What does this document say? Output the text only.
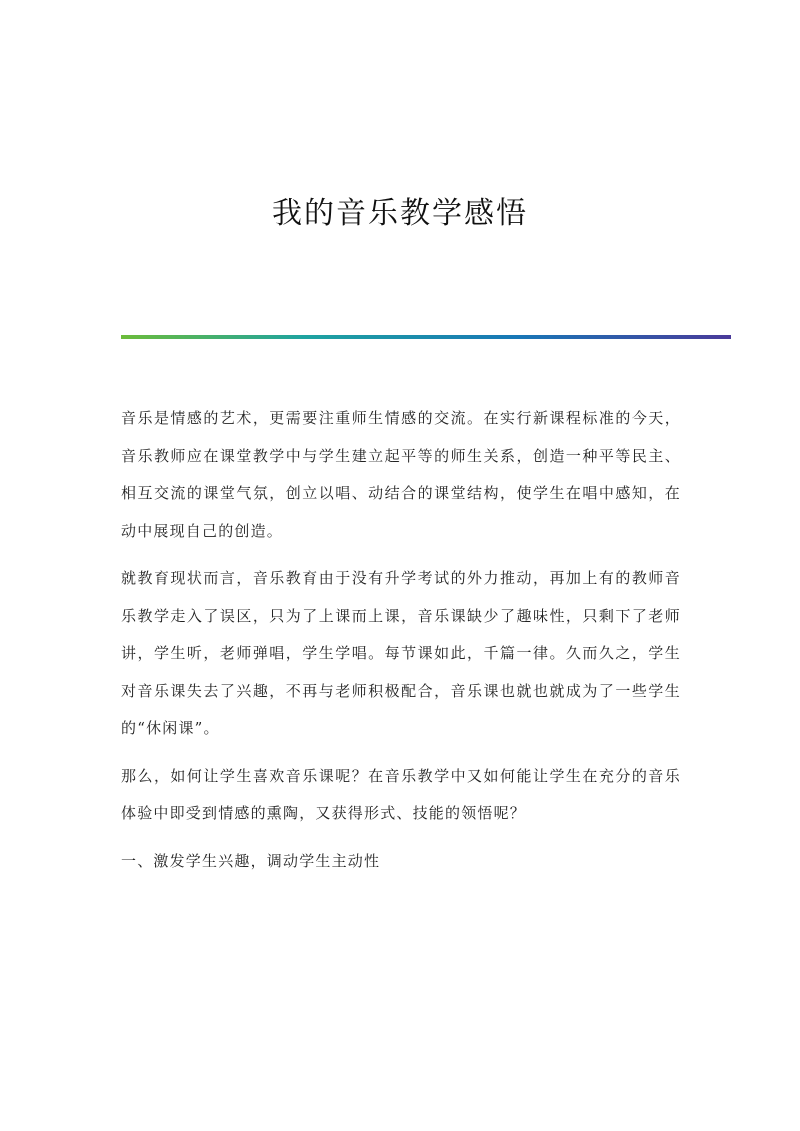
我的音乐教学感悟

音乐是情感的艺术，更需要注重师生情感的交流。在实行新课程标准的今天，音乐教师应在课堂教学中与学生建立起平等的师生关系，创造一种平等民主、相互交流的课堂气氛，创立以唱、动结合的课堂结构，使学生在唱中感知，在动中展现自己的创造。

就教育现状而言，音乐教育由于没有升学考试的外力推动，再加上有的教师音乐教学走入了误区，只为了上课而上课，音乐课缺少了趣味性，只剩下了老师讲，学生听，老师弹唱，学生学唱。每节课如此，千篇一律。久而久之，学生对音乐课失去了兴趣，不再与老师积极配合，音乐课也就也就成为了一些学生的“休闲课”。

那么，如何让学生喜欢音乐课呢？在音乐教学中又如何能让学生在充分的音乐体验中即受到情感的熏陶，又获得形式、技能的领悟呢？

一、激发学生兴趣，调动学生主动性
